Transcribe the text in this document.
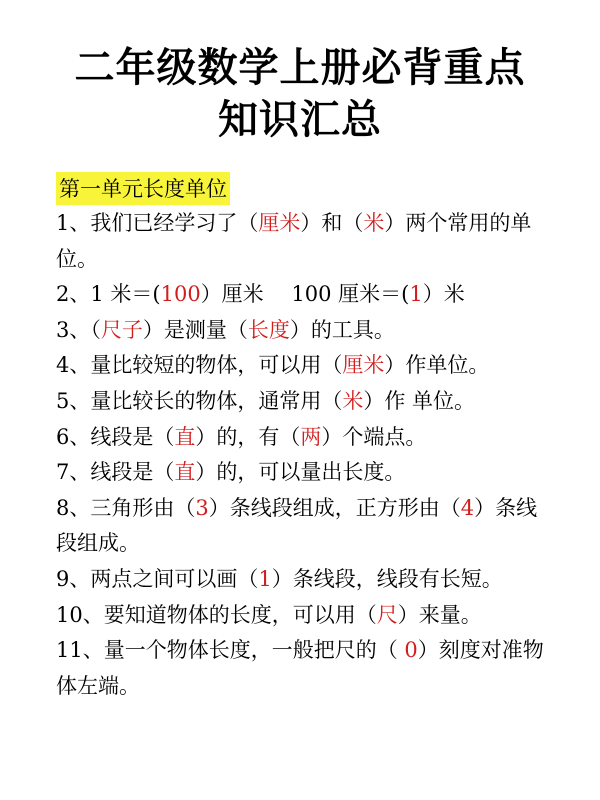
二年级数学上册必背重点
知识汇总
第一单元长度单位
1、我们已经学习了（厘米）和（米）两个常用的单位。
2、1 米＝(100）厘米　 100 厘米＝(1）米
3、（尺子）是测量（长度）的工具。
4、量比较短的物体，可以用（厘米）作单位。
5、量比较长的物体，通常用（米）作 单位。
6、线段是（直）的，有（两）个端点。
7、线段是（直）的，可以量出长度。
8、三角形由（3）条线段组成，正方形由（4）条线段组成。
9、两点之间可以画（1）条线段，线段有长短。
10、要知道物体的长度，可以用（尺）来量。
11、量一个物体长度，一般把尺的（ 0）刻度对准物体左端。
